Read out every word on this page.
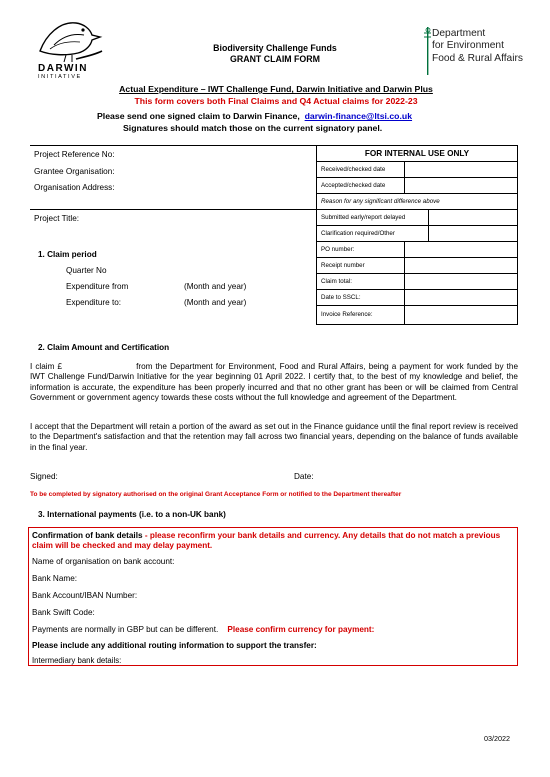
DARWIN
INITIATIVE
Biodiversity Challenge Funds
GRANT CLAIM FORM
Department
for Environment
Food & Rural Affairs
Actual Expenditure – IWT Challenge Fund, Darwin Initiative and Darwin Plus
This form covers both Final Claims and Q4 Actual claims for 2022-23
Please send one signed claim to Darwin Finance, darwin-finance@ltsi.co.uk
Signatures should match those on the current signatory panel.
Project Reference No:
Grantee Organisation:
Organisation Address:
Project Title:
1. Claim period
Quarter No
Expenditure from	(Month and year)
Expenditure to:	(Month and year)
FOR INTERNAL USE ONLY
Received/checked date
Accepted/checked date
Reason for any significant difference above
Submitted early/report delayed
Clarification required/Other
PO number:
Receipt number
Claim total:
Date to SSCL:
Invoice Reference:
2. Claim Amount and Certification
I claim £	from the Department for Environment, Food and Rural Affairs, being a payment for work funded by the IWT Challenge Fund/Darwin Initiative for the year beginning 01 April 2022. I certify that, to the best of my knowledge and belief, the information is accurate, the expenditure has been properly incurred and that no other grant has been or will be claimed from Central Government or government agency towards these costs without the full knowledge and agreement of the Department.
I accept that the Department will retain a portion of the award as set out in the Finance guidance until the final report review is received to the Department's satisfaction and that the retention may fall across two financial years, depending on the balance of funds available in the final year.
Signed:	Date:
To be completed by signatory authorised on the original Grant Acceptance Form or notified to the Department thereafter
3. International payments (i.e. to a non-UK bank)
Confirmation of bank details - please reconfirm your bank details and currency. Any details that do not match a previous claim will be checked and may delay payment.
Name of organisation on bank account:
Bank Name:
Bank Account/IBAN Number:
Bank Swift Code:
Payments are normally in GBP but can be different. Please confirm currency for payment:
Please include any additional routing information to support the transfer:
Intermediary bank details:
03/2022
